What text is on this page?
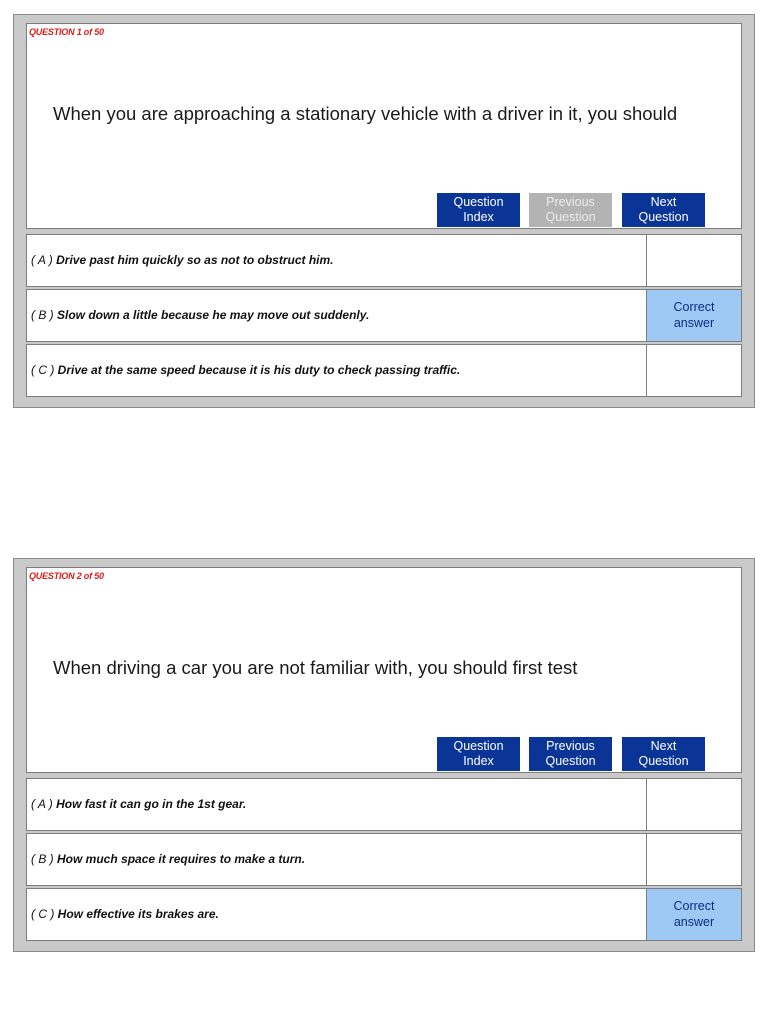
QUESTION 1 of 50
When you are approaching a stationary vehicle with a driver in it, you should
Question
Index
Previous
Question
Next
Question
( A ) Drive past him quickly so as not to obstruct him.
( B ) Slow down a little because he may move out suddenly.
Correct
answer
( C ) Drive at the same speed because it is his duty to check passing traffic.
QUESTION 2 of 50
When driving a car you are not familiar with, you should first test
Question
Index
Previous
Question
Next
Question
( A ) How fast it can go in the 1st gear.
( B ) How much space it requires to make a turn.
( C ) How effective its brakes are.
Correct
answer
